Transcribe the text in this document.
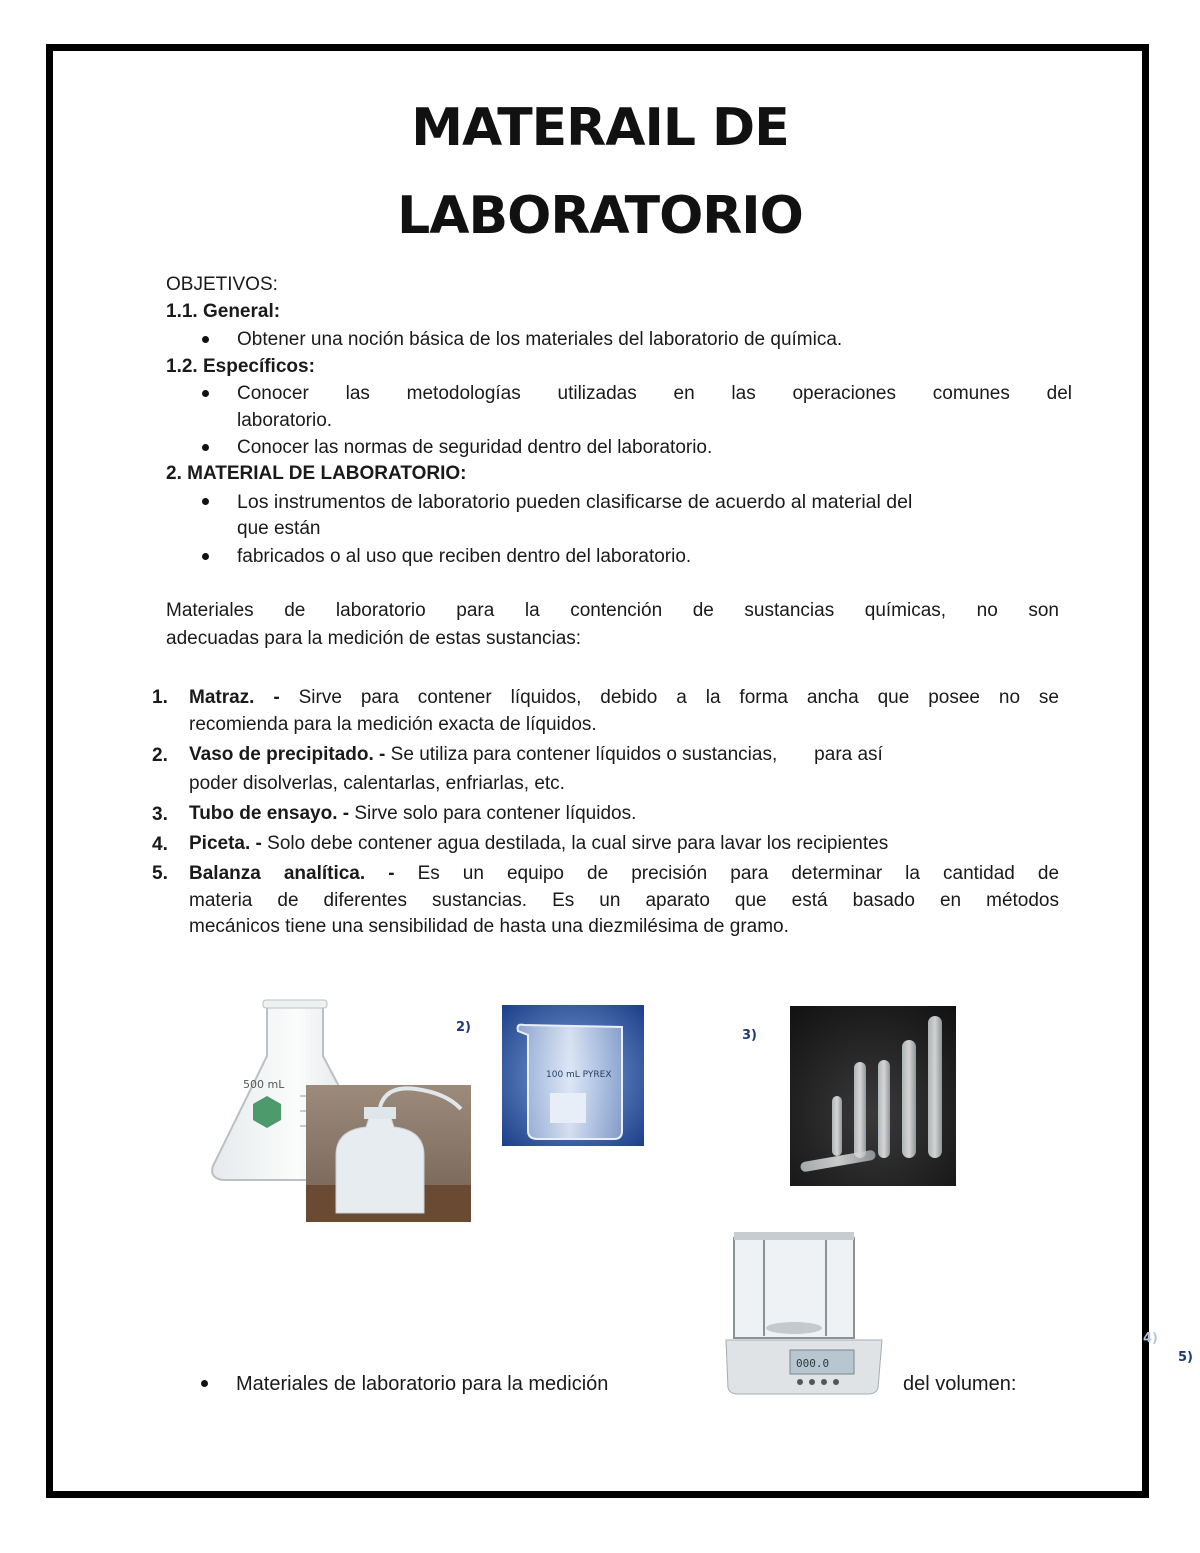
MATERAIL DE
LABORATORIO
OBJETIVOS:
1.1. General:
Obtener una noción básica de los materiales del laboratorio de química.
1.2. Específicos:
Conocer las metodologías utilizadas en las operaciones comunes del
laboratorio.
Conocer las normas de seguridad dentro del laboratorio.
2. MATERIAL DE LABORATORIO:
Los instrumentos de laboratorio pueden clasificarse de acuerdo al material del
que están
fabricados o al uso que reciben dentro del laboratorio.
Materiales de laboratorio para la contención de sustancias químicas, no son
adecuadas para la medición de estas sustancias:
1. Matraz. - Sirve para contener líquidos, debido a la forma ancha que posee no se
recomienda para la medición exacta de líquidos.
2. Vaso de precipitado. - Se utiliza para contener líquidos o sustancias,       para así
poder disolverlas, calentarlas, enfriarlas, etc.
3. Tubo de ensayo. - Sirve solo para contener líquidos.
4. Piceta. - Solo debe contener agua destilada, la cual sirve para lavar los recipientes
5. Balanza analítica. - Es un equipo de precisión para determinar la cantidad de
materia de diferentes sustancias. Es un aparato que está basado en métodos
mecánicos tiene una sensibilidad de hasta una diezmilésima de gramo.
2)
3)
4)
5)
500 mL
100 mL PYREX
000.0
Materiales de laboratorio para la medición	del volumen:
